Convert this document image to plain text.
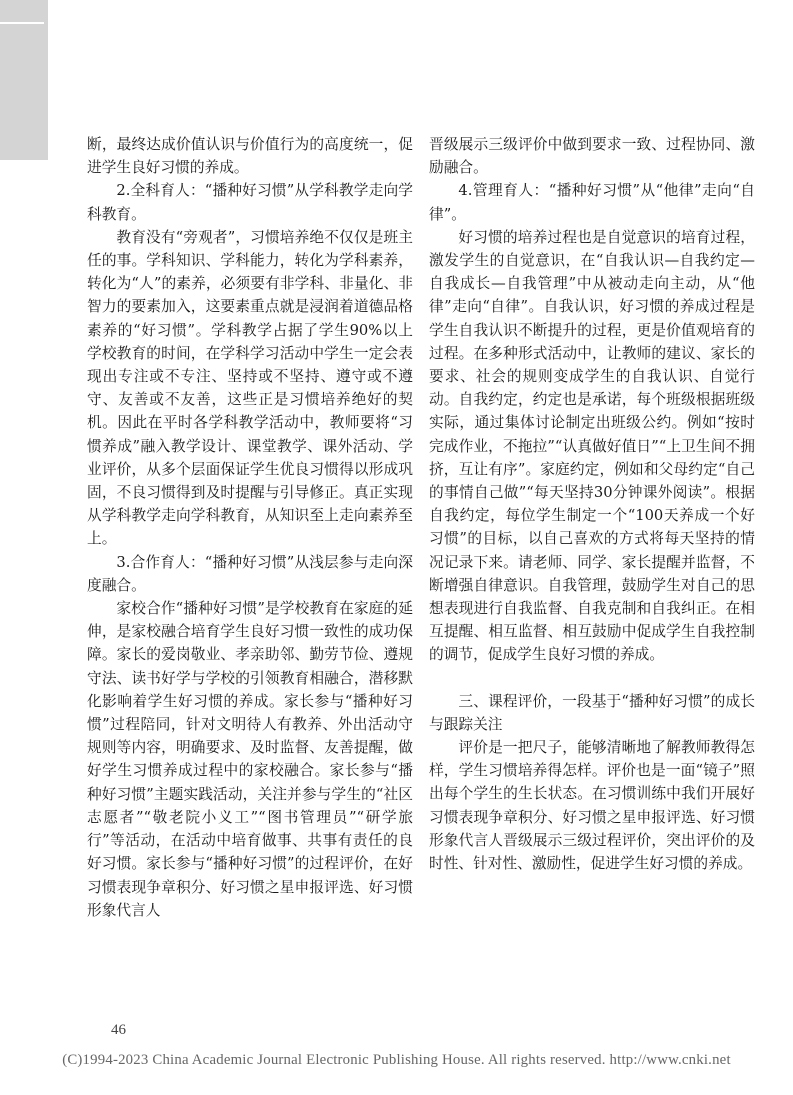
断，最终达成价值认识与价值行为的高度统一，促进学生良好习惯的养成。

2.全科育人：“播种好习惯”从学科教学走向学科教育。

教育没有“旁观者”，习惯培养绝不仅仅是班主任的事。学科知识、学科能力，转化为学科素养，转化为“人”的素养，必须要有非学科、非量化、非智力的要素加入，这要素重点就是浸润着道德品格素养的“好习惯”。学科教学占据了学生90%以上学校教育的时间，在学科学习活动中学生一定会表现出专注或不专注、坚持或不坚持、遵守或不遵守、友善或不友善，这些正是习惯培养绝好的契机。因此在平时各学科教学活动中，教师要将“习惯养成”融入教学设计、课堂教学、课外活动、学业评价，从多个层面保证学生优良习惯得以形成巩固，不良习惯得到及时提醒与引导修正。真正实现从学科教学走向学科教育，从知识至上走向素养至上。

3.合作育人：“播种好习惯”从浅层参与走向深度融合。

家校合作“播种好习惯”是学校教育在家庭的延伸，是家校融合培育学生良好习惯一致性的成功保障。家长的爱岗敬业、孝亲助邻、勤劳节俭、遵规守法、读书好学与学校的引领教育相融合，潜移默化影响着学生好习惯的养成。家长参与“播种好习惯”过程陪同，针对文明待人有教养、外出活动守规则等内容，明确要求、及时监督、友善提醒，做好学生习惯养成过程中的家校融合。家长参与“播种好习惯”主题实践活动，关注并参与学生的“社区志愿者”“敬老院小义工”“图书管理员”“研学旅行”等活动，在活动中培育做事、共事有责任的良好习惯。家长参与“播种好习惯”的过程评价，在好习惯表现争章积分、好习惯之星申报评选、好习惯形象代言人

晋级展示三级评价中做到要求一致、过程协同、激励融合。

4.管理育人：“播种好习惯”从“他律”走向“自律”。

好习惯的培养过程也是自觉意识的培育过程，激发学生的自觉意识，在“自我认识—自我约定—自我成长—自我管理”中从被动走向主动，从“他律”走向“自律”。自我认识，好习惯的养成过程是学生自我认识不断提升的过程，更是价值观培育的过程。在多种形式活动中，让教师的建议、家长的要求、社会的规则变成学生的自我认识、自觉行动。自我约定，约定也是承诺，每个班级根据班级实际，通过集体讨论制定出班级公约。例如“按时完成作业，不拖拉”“认真做好值日”“上卫生间不拥挤，互让有序”。家庭约定，例如和父母约定“自己的事情自己做”“每天坚持30分钟课外阅读”。根据自我约定，每位学生制定一个“100天养成一个好习惯”的目标，以自己喜欢的方式将每天坚持的情况记录下来。请老师、同学、家长提醒并监督，不断增强自律意识。自我管理，鼓励学生对自己的思想表现进行自我监督、自我克制和自我纠正。在相互提醒、相互监督、相互鼓励中促成学生自我控制的调节，促成学生良好习惯的养成。

三、课程评价，一段基于“播种好习惯”的成长与跟踪关注

评价是一把尺子，能够清晰地了解教师教得怎样，学生习惯培养得怎样。评价也是一面“镜子”照出每个学生的生长状态。在习惯训练中我们开展好习惯表现争章积分、好习惯之星申报评选、好习惯形象代言人晋级展示三级过程评价，突出评价的及时性、针对性、激励性，促进学生好习惯的养成。

46
(C)1994-2023 China Academic Journal Electronic Publishing House. All rights reserved. http://www.cnki.net
